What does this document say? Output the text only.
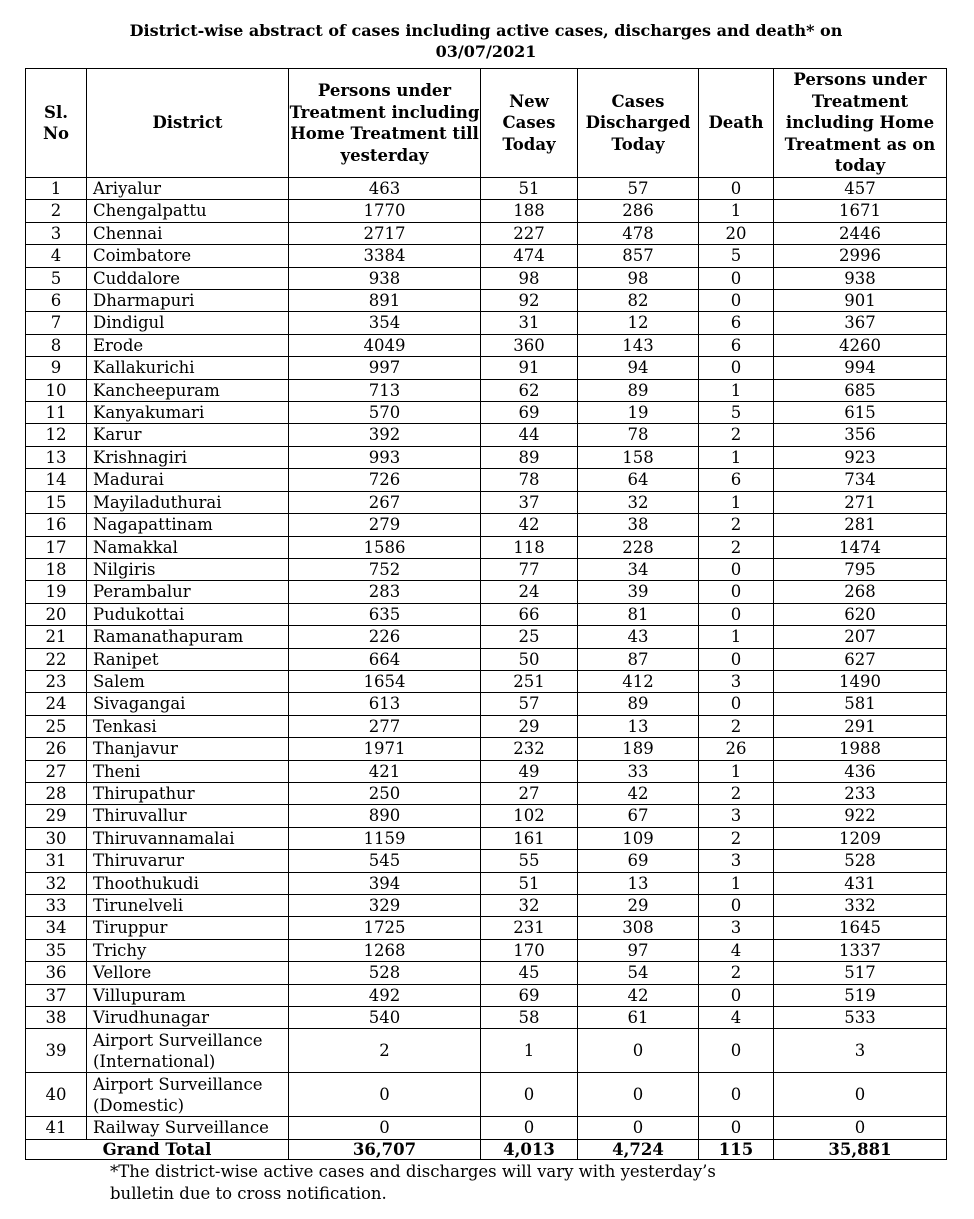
District-wise abstract of cases including active cases, discharges and death* on
03/07/2021
Sl.
No	District	Persons under Treatment including Home Treatment till yesterday	New Cases Today	Cases Discharged Today	Death	Persons under Treatment including Home Treatment as on today
1	Ariyalur	463	51	57	0	457
2	Chengalpattu	1770	188	286	1	1671
3	Chennai	2717	227	478	20	2446
4	Coimbatore	3384	474	857	5	2996
5	Cuddalore	938	98	98	0	938
6	Dharmapuri	891	92	82	0	901
7	Dindigul	354	31	12	6	367
8	Erode	4049	360	143	6	4260
9	Kallakurichi	997	91	94	0	994
10	Kancheepuram	713	62	89	1	685
11	Kanyakumari	570	69	19	5	615
12	Karur	392	44	78	2	356
13	Krishnagiri	993	89	158	1	923
14	Madurai	726	78	64	6	734
15	Mayiladuthurai	267	37	32	1	271
16	Nagapattinam	279	42	38	2	281
17	Namakkal	1586	118	228	2	1474
18	Nilgiris	752	77	34	0	795
19	Perambalur	283	24	39	0	268
20	Pudukottai	635	66	81	0	620
21	Ramanathapuram	226	25	43	1	207
22	Ranipet	664	50	87	0	627
23	Salem	1654	251	412	3	1490
24	Sivagangai	613	57	89	0	581
25	Tenkasi	277	29	13	2	291
26	Thanjavur	1971	232	189	26	1988
27	Theni	421	49	33	1	436
28	Thirupathur	250	27	42	2	233
29	Thiruvallur	890	102	67	3	922
30	Thiruvannamalai	1159	161	109	2	1209
31	Thiruvarur	545	55	69	3	528
32	Thoothukudi	394	51	13	1	431
33	Tirunelveli	329	32	29	0	332
34	Tiruppur	1725	231	308	3	1645
35	Trichy	1268	170	97	4	1337
36	Vellore	528	45	54	2	517
37	Villupuram	492	69	42	0	519
38	Virudhunagar	540	58	61	4	533
39	Airport Surveillance
(International)	2	1	0	0	3
40	Airport Surveillance
(Domestic)	0	0	0	0	0
41	Railway Surveillance	0	0	0	0	0
Grand Total		36,707	4,013	4,724	115	35,881
*The district-wise active cases and discharges will vary with yesterday’s
bulletin due to cross notification.
